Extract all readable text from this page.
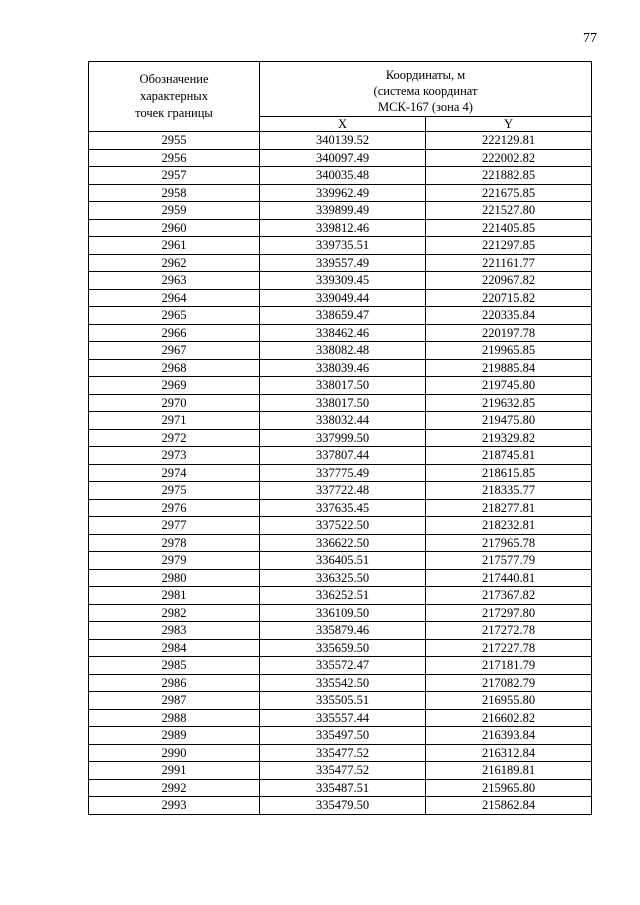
77
Обозначение
характерных
точек границы	Координаты, м
(система координат
МСК-167 (зона 4)	

	X	Y
2955	340139.52	222129.81
2956	340097.49	222002.82
2957	340035.48	221882.85
2958	339962.49	221675.85
2959	339899.49	221527.80
2960	339812.46	221405.85
2961	339735.51	221297.85
2962	339557.49	221161.77
2963	339309.45	220967.82
2964	339049.44	220715.82
2965	338659.47	220335.84
2966	338462.46	220197.78
2967	338082.48	219965.85
2968	338039.46	219885.84
2969	338017.50	219745.80
2970	338017.50	219632.85
2971	338032.44	219475.80
2972	337999.50	219329.82
2973	337807.44	218745.81
2974	337775.49	218615.85
2975	337722.48	218335.77
2976	337635.45	218277.81
2977	337522.50	218232.81
2978	336622.50	217965.78
2979	336405.51	217577.79
2980	336325.50	217440.81
2981	336252.51	217367.82
2982	336109.50	217297.80
2983	335879.46	217272.78
2984	335659.50	217227.78
2985	335572.47	217181.79
2986	335542.50	217082.79
2987	335505.51	216955.80
2988	335557.44	216602.82
2989	335497.50	216393.84
2990	335477.52	216312.84
2991	335477.52	216189.81
2992	335487.51	215965.80
2993	335479.50	215862.84
